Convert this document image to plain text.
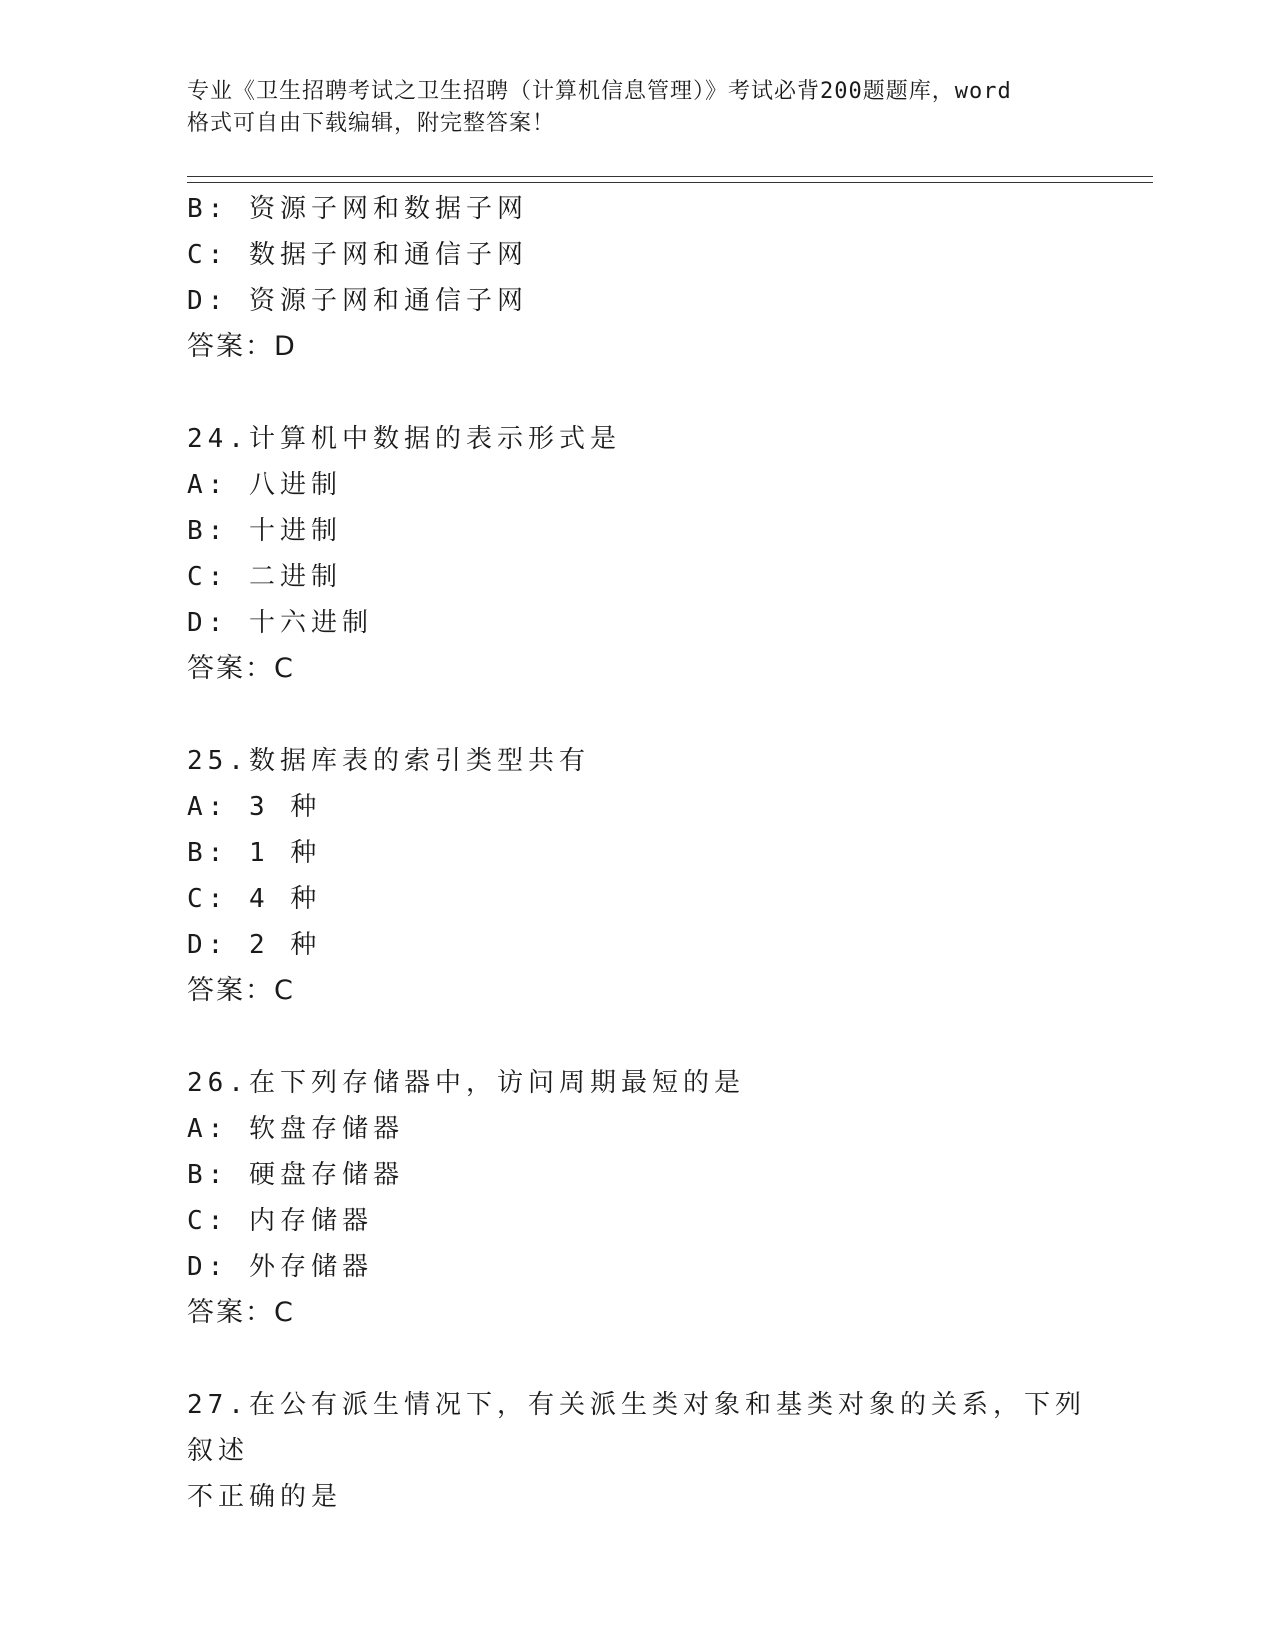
专业《卫生招聘考试之卫生招聘（计算机信息管理）》考试必背200题题库，word
格式可自由下载编辑，附完整答案！
B: 资源子网和数据子网
C: 数据子网和通信子网
D: 资源子网和通信子网
答案：D
24.计算机中数据的表示形式是
A: 八进制
B: 十进制
C: 二进制
D: 十六进制
答案：C
25.数据库表的索引类型共有
A: 3 种
B: 1 种
C: 4 种
D: 2 种
答案：C
26.在下列存储器中，访问周期最短的是
A: 软盘存储器
B: 硬盘存储器
C: 内存储器
D: 外存储器
答案：C
27.在公有派生情况下，有关派生类对象和基类对象的关系，下列叙述
不正确的是
